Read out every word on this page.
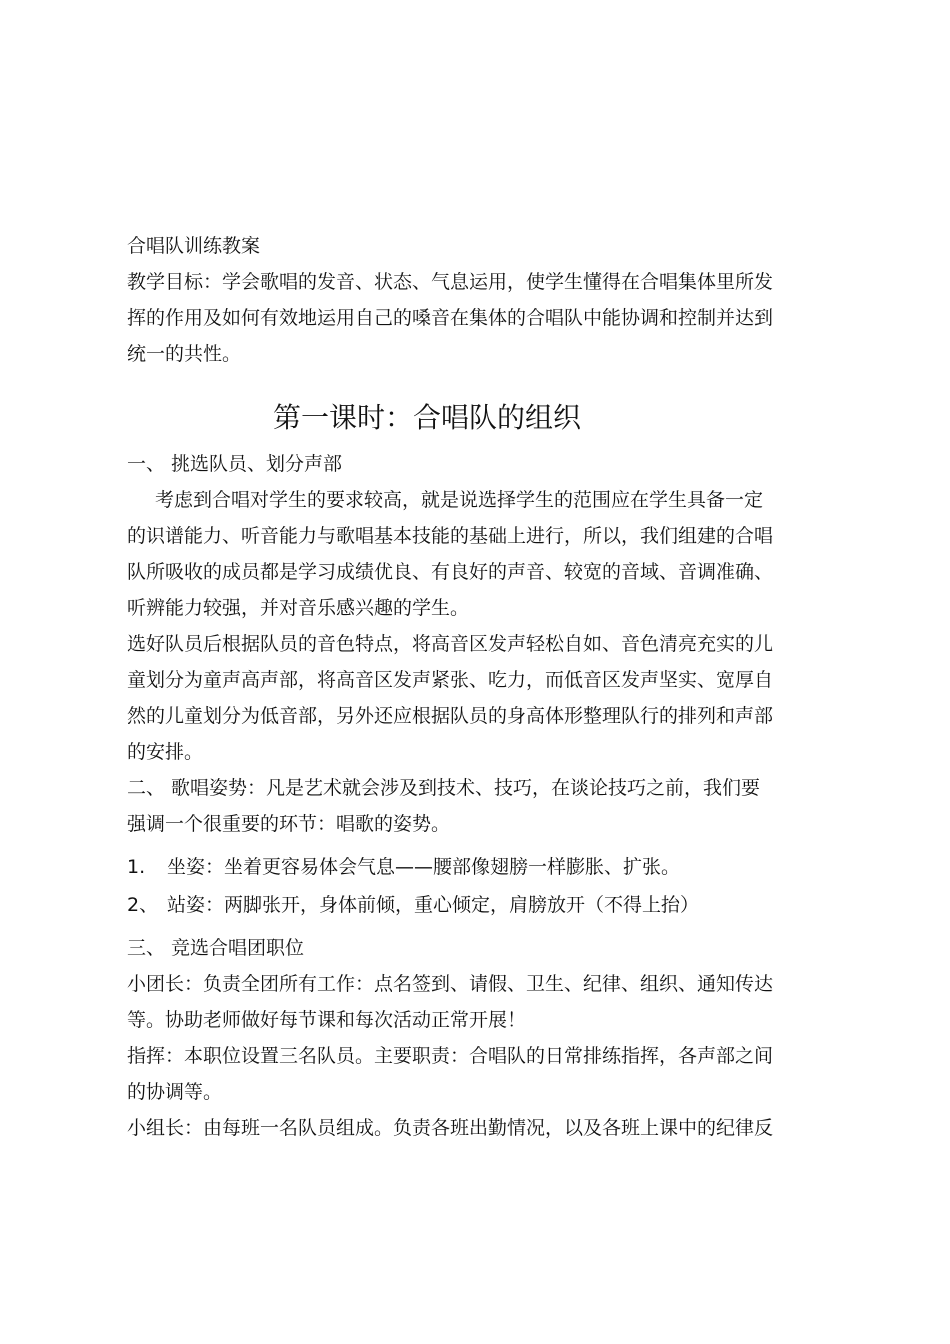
合唱队训练教案
教学目标：学会歌唱的发音、状态、气息运用，使学生懂得在合唱集体里所发
挥的作用及如何有效地运用自己的嗓音在集体的合唱队中能协调和控制并达到
统一的共性。
第一课时：合唱队的组织
一、 挑选队员、划分声部
考虑到合唱对学生的要求较高，就是说选择学生的范围应在学生具备一定
的识谱能力、听音能力与歌唱基本技能的基础上进行，所以，我们组建的合唱
队所吸收的成员都是学习成绩优良、有良好的声音、较宽的音域、音调准确、
听辨能力较强，并对音乐感兴趣的学生。
选好队员后根据队员的音色特点，将高音区发声轻松自如、音色清亮充实的儿
童划分为童声高声部，将高音区发声紧张、吃力，而低音区发声坚实、宽厚自
然的儿童划分为低音部，另外还应根据队员的身高体形整理队行的排列和声部
的安排。
二、 歌唱姿势：凡是艺术就会涉及到技术、技巧，在谈论技巧之前，我们要
强调一个很重要的环节：唱歌的姿势。
1. 坐姿：坐着更容易体会气息——腰部像翅膀一样膨胀、扩张。
2、 站姿：两脚张开，身体前倾，重心倾定，肩膀放开（不得上抬）
三、 竞选合唱团职位
小团长：负责全团所有工作：点名签到、请假、卫生、纪律、组织、通知传达
等。协助老师做好每节课和每次活动正常开展！
指挥：本职位设置三名队员。主要职责：合唱队的日常排练指挥，各声部之间
的协调等。
小组长：由每班一名队员组成。负责各班出勤情况，以及各班上课中的纪律反
